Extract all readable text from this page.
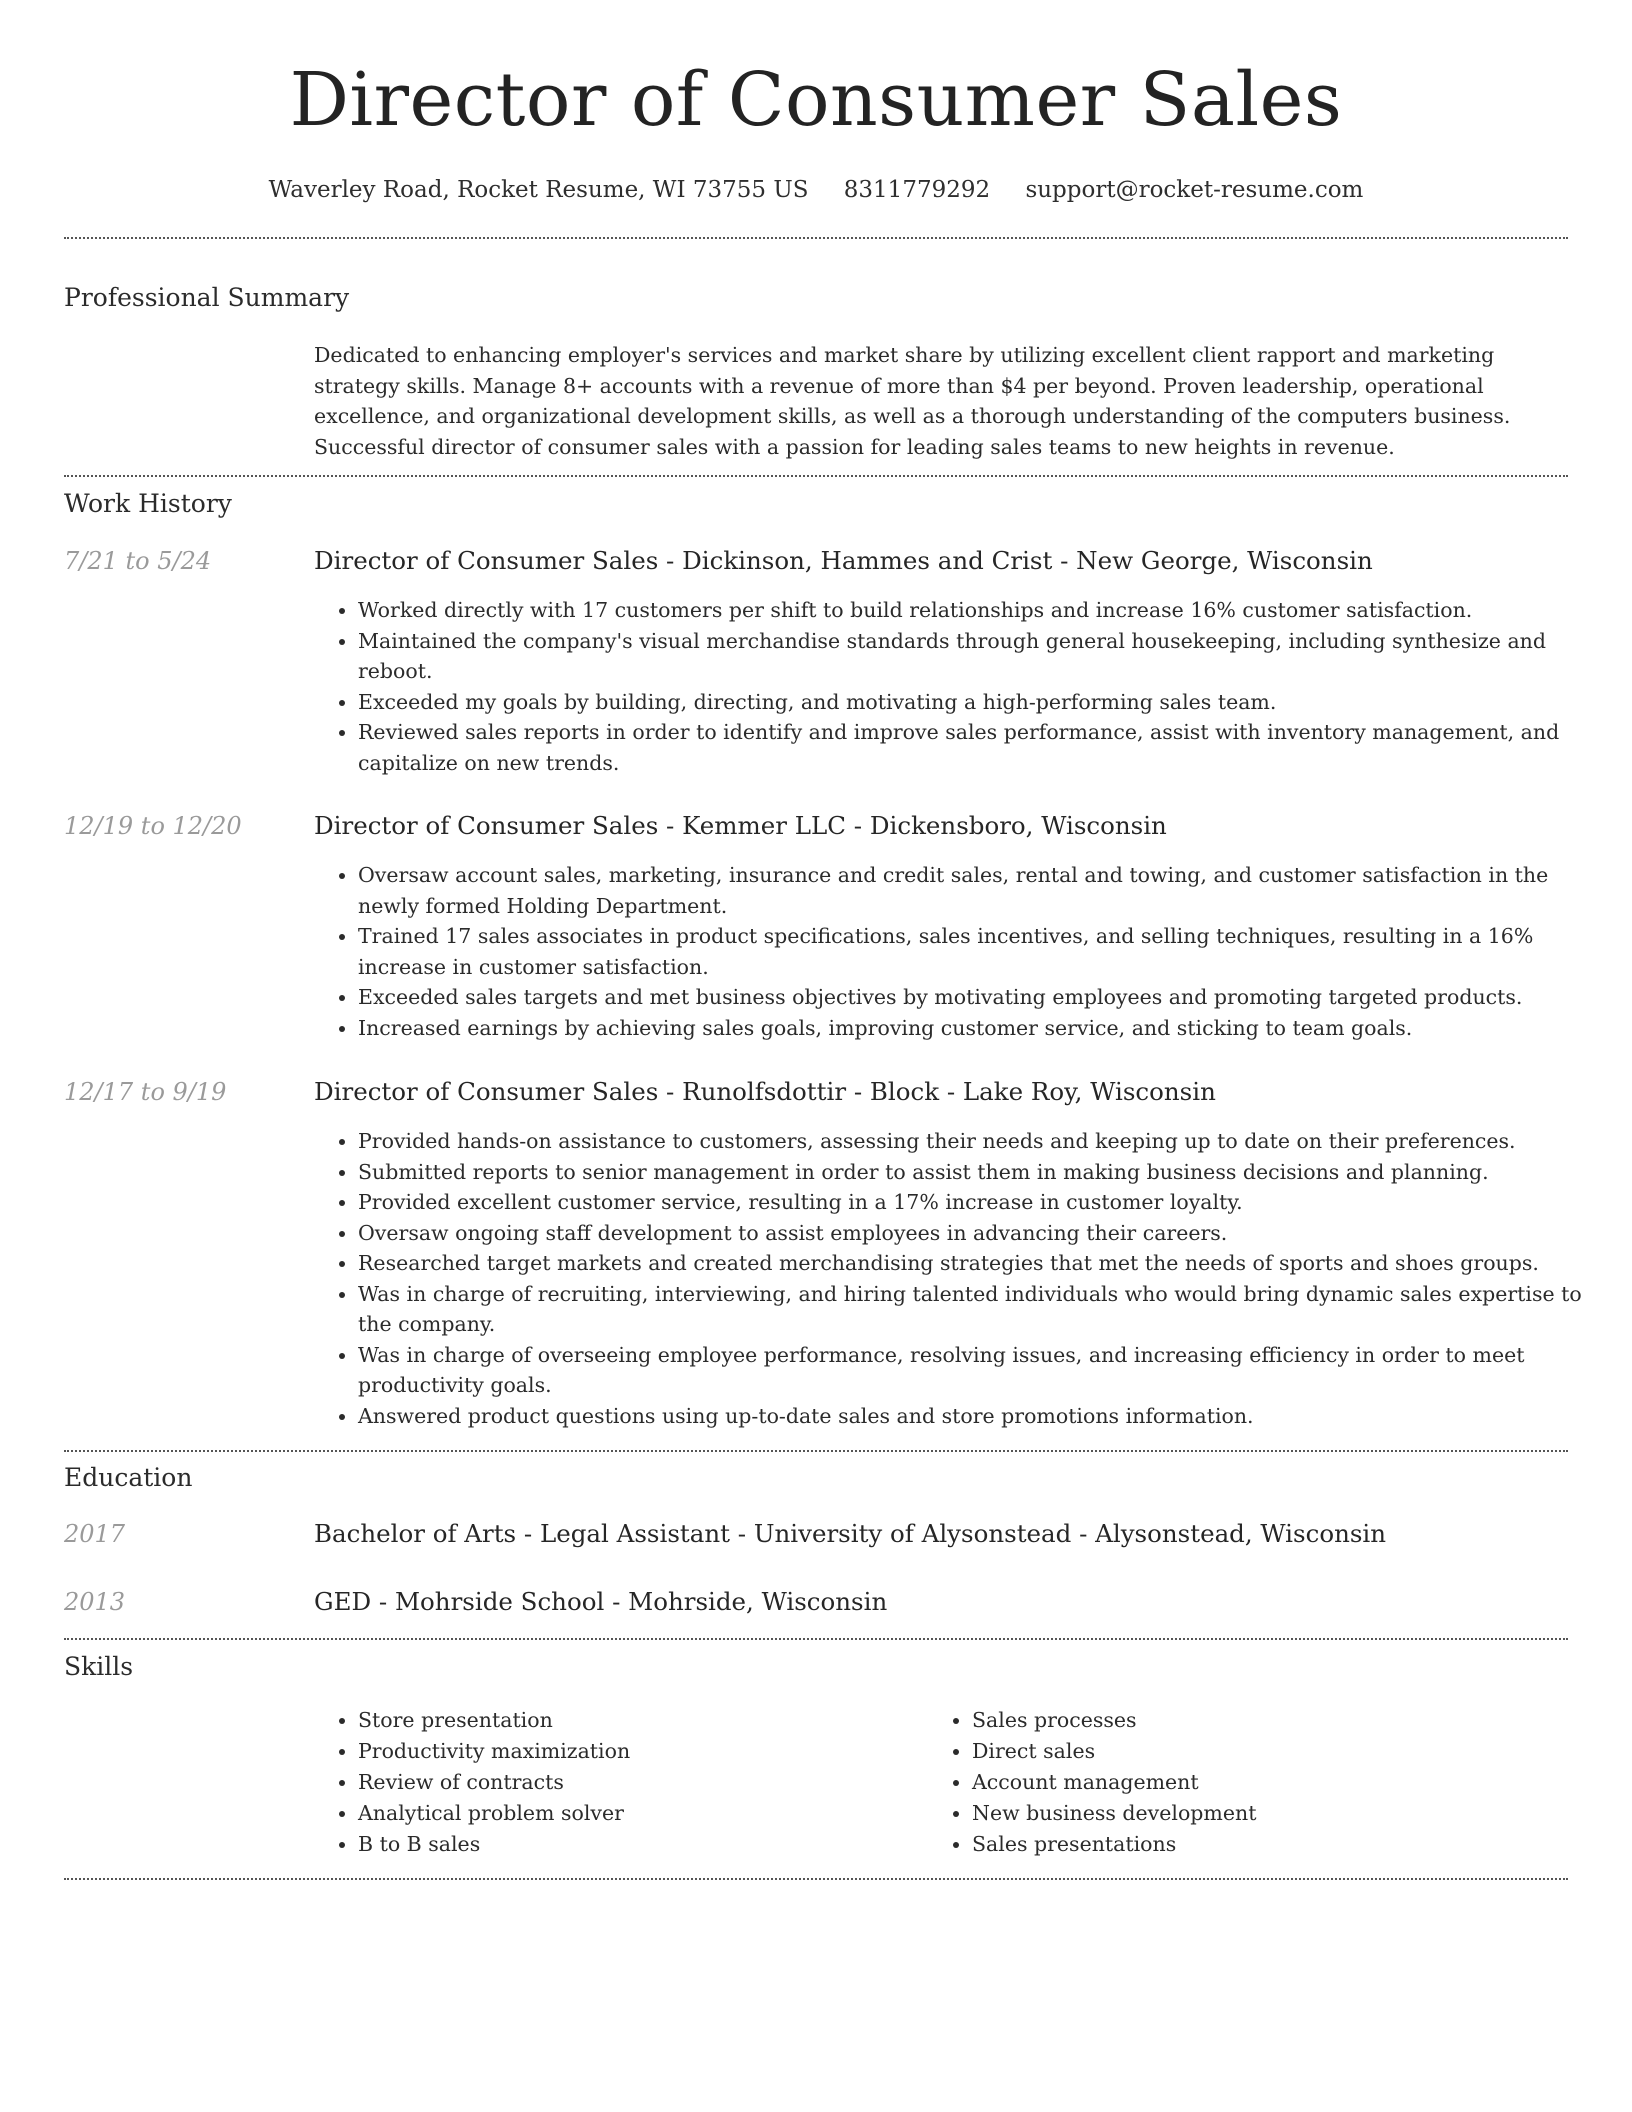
Director of Consumer Sales
Waverley Road, Rocket Resume, WI 73755 US 8311779292 support@rocket-resume.com
Professional Summary

Dedicated to enhancing employer's services and market share by utilizing excellent client rapport and marketing strategy skills. Manage 8+ accounts with a revenue of more than $4 per beyond. Proven leadership, operational excellence, and organizational development skills, as well as a thorough understanding of the computers business. Successful director of consumer sales with a passion for leading sales teams to new heights in revenue.

Work History
7/21 to 5/24	Director of Consumer Sales - Dickinson, Hammes and Crist - New George, Wisconsin
• Worked directly with 17 customers per shift to build relationships and increase 16% customer satisfaction.
• Maintained the company's visual merchandise standards through general housekeeping, including synthesize and reboot.
• Exceeded my goals by building, directing, and motivating a high-performing sales team.
• Reviewed sales reports in order to identify and improve sales performance, assist with inventory management, and capitalize on new trends.
12/19 to 12/20	Director of Consumer Sales - Kemmer LLC - Dickensboro, Wisconsin
• Oversaw account sales, marketing, insurance and credit sales, rental and towing, and customer satisfaction in the newly formed Holding Department.
• Trained 17 sales associates in product specifications, sales incentives, and selling techniques, resulting in a 16% increase in customer satisfaction.
• Exceeded sales targets and met business objectives by motivating employees and promoting targeted products.
• Increased earnings by achieving sales goals, improving customer service, and sticking to team goals.
12/17 to 9/19	Director of Consumer Sales - Runolfsdottir - Block - Lake Roy, Wisconsin
• Provided hands-on assistance to customers, assessing their needs and keeping up to date on their preferences.
• Submitted reports to senior management in order to assist them in making business decisions and planning.
• Provided excellent customer service, resulting in a 17% increase in customer loyalty.
• Oversaw ongoing staff development to assist employees in advancing their careers.
• Researched target markets and created merchandising strategies that met the needs of sports and shoes groups.
• Was in charge of recruiting, interviewing, and hiring talented individuals who would bring dynamic sales expertise to the company.
• Was in charge of overseeing employee performance, resolving issues, and increasing efficiency in order to meet productivity goals.
• Answered product questions using up-to-date sales and store promotions information.
Education
2017	Bachelor of Arts - Legal Assistant - University of Alysonstead - Alysonstead, Wisconsin
2013	GED - Mohrside School - Mohrside, Wisconsin
Skills
• Store presentation
• Productivity maximization
• Review of contracts
• Analytical problem solver
• B to B sales
• Sales processes
• Direct sales
• Account management
• New business development
• Sales presentations
